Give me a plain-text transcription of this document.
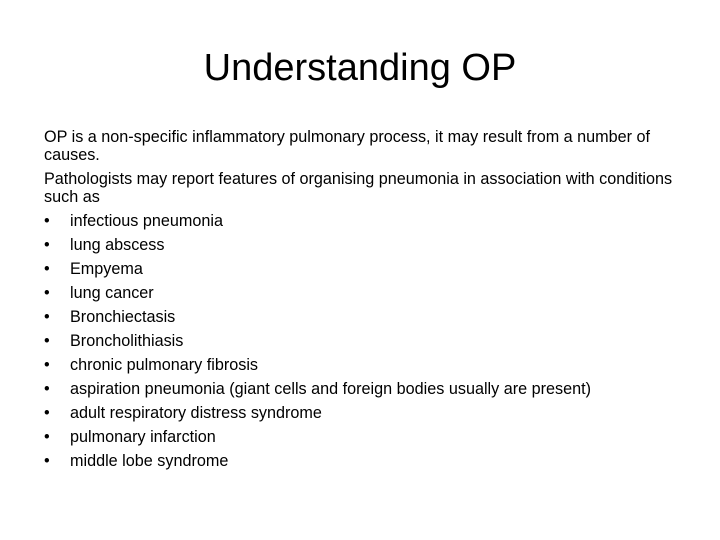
Understanding OP

OP is a non-specific inflammatory pulmonary process, it may result from a number of causes.

Pathologists may report features of organising pneumonia in association with conditions such as

•	infectious pneumonia
•	lung abscess
•	Empyema
•	lung cancer
•	Bronchiectasis
•	Broncholithiasis
•	chronic pulmonary fibrosis
•	aspiration pneumonia (giant cells and foreign bodies usually are present)
•	adult respiratory distress syndrome
•	pulmonary infarction
•	middle lobe syndrome
